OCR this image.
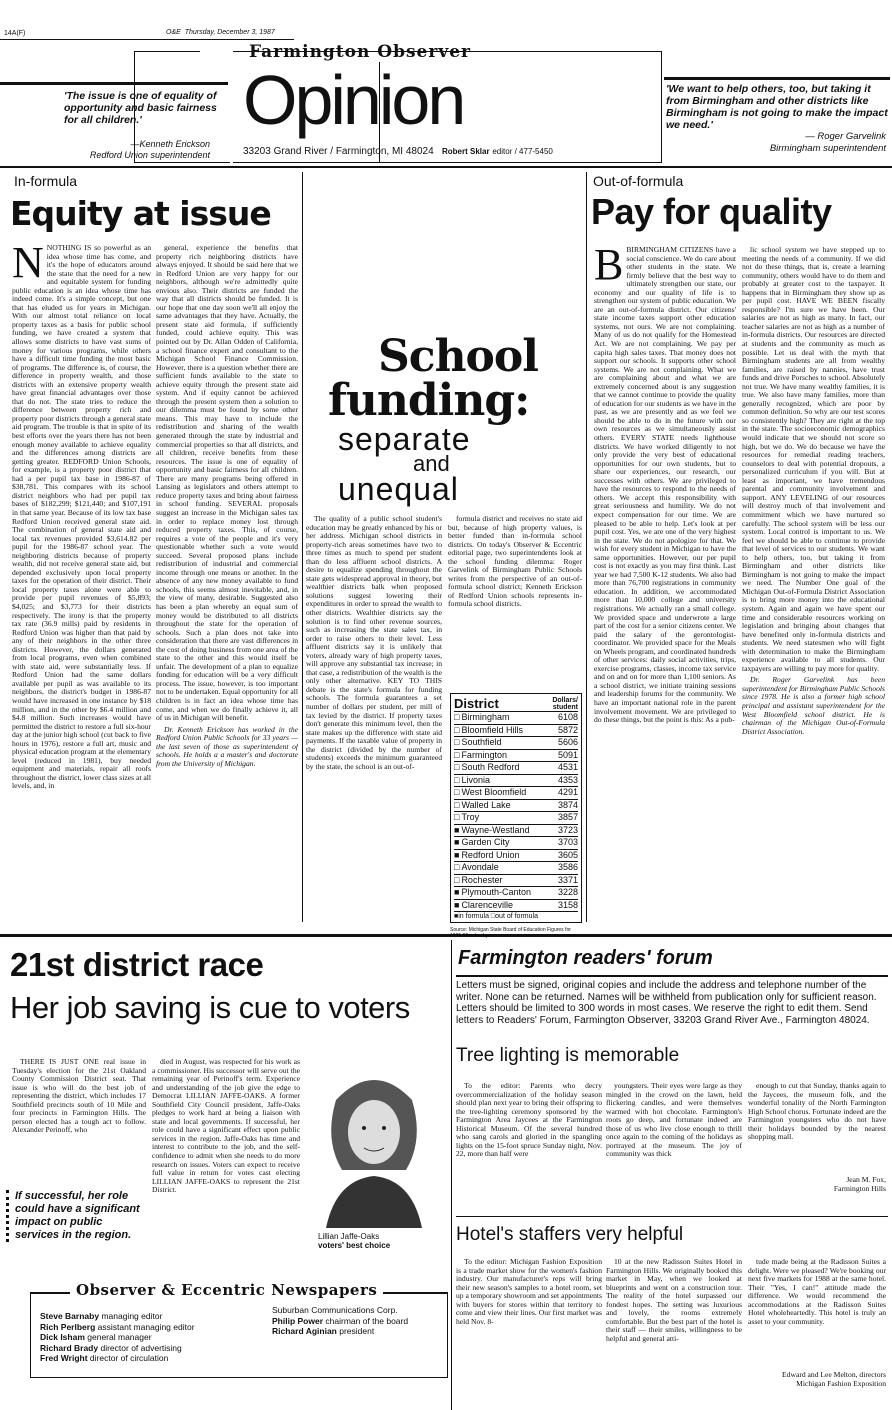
14A(F)	O&E Thursday, December 3, 1987
Farmington Observer
Opinion
33203 Grand River / Farmington, MI 48024 Robert Sklar editor / 477-5450
'The issue is one of equality of opportunity and basic fairness for all children.'
—Kenneth Erickson
Redford Union superintendent
'We want to help others, too, but taking it from Birmingham and other districts like Birmingham is not going to make the impact we need.'
— Roger Garvelink
Birmingham superintendent
In-formula
Equity at issue

NNOTHING IS so powerful as an idea whose time has come, and it's the hope of educators around the state that the need for a new and equitable system for funding public education is an idea whose time has indeed come. It's a simple concept, but one that has eluded us for years in Michigan. With our almost total reliance on local property taxes as a basis for public school funding, we have created a system that allows some districts to have vast sums of money for various programs, while others have a difficult time funding the most basic of programs. The difference is, of course, the difference in property wealth, and those districts with an extensive property wealth have great financial advantages over those that do not. The state tries to reduce the difference between property rich and property poor districts through a general state aid program. The trouble is that in spite of its best efforts over the years there has not been enough money available to achieve equality and the differences among districts are getting greater. REDFORD Union Schools, for example, is a property poor district that had a per pupil tax base in 1986-87 of $38,781. This compares with its school district neighbors who had per pupil tax bases of $182,299; $121,440; and $107,191 in that same year. Because of its low tax base Redford Union received general state aid. The combination of general state aid and local tax revenues provided $3,614.82 per pupil for the 1986-87 school year. The neighboring districts because of property wealth, did not receive general state aid, but depended exclusively upon local property taxes for the operation of their district. Their local property taxes alone were able to provide per pupil revenues of $5,893; $4,025; and $3,773 for their districts respectively. The irony is that the property tax rate (36.9 mills) paid by residents in Redford Union was higher than that paid by any of their neighbors in the other three districts. However, the dollars generated from local programs, even when combined with state aid, were substantially less. If Redford Union had the same dollars available per pupil as was available to its neighbors, the district's budget in 1986-87 would have increased in one instance by $18 million, and in the other by $6.4 million and $4.8 million. Such increases would have permitted the district to restore a full six-hour day at the junior high school (cut back to five hours in 1976), restore a full art, music and physical education program at the elementary level (reduced in 1981), buy needed equipment and materials, repair all roofs throughout the district, lower class sizes at all levels, and, in

general, experience the benefits that property rich neighboring districts have always enjoyed. It should be said here that we in Redford Union are very happy for our neighbors, although we're admittedly quite envious also. Their districts are funded the way that all districts should be funded. It is our hope that one day soon we'll all enjoy the same advantages that they have. Actually, the present state aid formula, if sufficiently funded, could achieve equity. This was pointed out by Dr. Allan Odden of California, a school finance expert and consultant to the Michigan School Finance Commission. However, there is a question whether there are sufficient funds available to the state to achieve equity through the present state aid system. And if equity cannot be achieved through the present system then a solution to our dilemma must be found by some other means. This may have to include the redistribution and sharing of the wealth generated through the state by industrial and commercial properties so that all districts, and all children, receive benefits from these resources. The issue is one of equality of opportunity and basic fairness for all children. There are many programs being offered in Lansing as legislators and others attempt to reduce property taxes and bring about fairness in school funding. SEVERAL proposals suggest an increase in the Michigan sales tax in order to replace money lost through reduced property taxes. This, of course, requires a vote of the people and it's very questionable whether such a vote would succeed. Several proposed plans include redistribution of industrial and commercial income through one means or another. In the absence of any new money available to fund schools, this seems almost inevitable, and, in the view of many, desirable. Suggested also has been a plan whereby an equal sum of money would be distributed to all districts throughout the state for the operation of schools. Such a plan does not take into consideration that there are vast differences in the cost of doing business from one area of the state to the other and this would itself be unfair. The development of a plan to equalize funding for education will be a very difficult process. The issue, however, is too important not to be undertaken. Equal opportunity for all children is in fact an idea whose time has come, and when we do finally achieve it, all of us in Michigan will benefit.

Dr. Kenneth Erickson has worked in the Redford Union Public Schools for 33 years — the last seven of those as superintendent of schools. He holds a a master's and doctorate from the University of Michigan.

School
funding:
separate
and
unequal

The quality of a public school student's education may be greatly enhanced by his or her address. Michigan school districts in property-rich areas sometimes have two to three times as much to spend per student than do less affluent school districts. A desire to equalize spending throughout the state gets widespread approval in theory, but wealthier districts balk when proposed solutions suggest lowering their expenditures in order to spread the wealth to other districts. Wealthier districts say the solution is to find other revenue sources, such as increasing the state sales tax, in order to raise others to their level. Less affluent districts say it is unlikely that voters, already wary of high property taxes, will approve any substantial tax increase; in that case, a redistribution of the wealth is the only other alternative. KEY TO THIS debate is the state's formula for funding schools. The formula guarantees a set number of dollars per student, per mill of tax levied by the district. If property taxes don't generate this minimum level, then the state makes up the difference with state aid payments. If the taxable value of property in the district (divided by the number of students) exceeds the minimum guaranteed by the state, the school is an out-of-

formula district and receives no state aid but, because of high property values, is better funded than in-formula school districts. On today's Observer & Eccentric editorial page, two superintendents look at the school funding dilemma: Roger Garvelink of Birmingham Public Schools writes from the perspective of an out-of-formula school district; Kenneth Erickson of Redford Union schools represents in-formula school districts.

District	Dollars/ student
□ Birmingham	6108
□ Bloomfield Hills	5872
□ Southfield	5606
□ Farmington	5091
□ South Redford	4531
□ Livonia	4353
□ West Bloomfield	4291
□ Walled Lake	3874
□ Troy	3857
■ Wayne-Westland	3723
■ Garden City	3703
■ Redford Union	3605
□ Avondale	3586
□ Rochester	3371
■ Plymouth-Canton	3228
■ Clarenceville	3158
■in formula □out of formula
Source: Michigan State Board of Education Figures for
Out-of-formula
Pay for quality

BBIRMINGHAM CITIZENS have a social conscience. We do care about other students in the state. We firmly believe that the best way to ultimately strengthen our state, our economy and our quality of life is to strengthen our system of public education. We are an out-of-formula district. Our citizens' state income taxes support other education systems, not ours. We are not complaining. Many of us do not qualify for the Homestead Act. We are not complaining. We pay per capita high sales taxes. That money does not support our schools. It supports other school systems. We are not complaining. What we are complaining about and what we are extremely concerned about is any suggestion that we cannot continue to provide the quality of education for our students as we have in the past, as we are presently and as we feel we should be able to do in the future with our own resources as we simultaneously assist others. EVERY STATE needs lighthouse districts. We have worked diligently to not only provide the very best of educational opportunities for our own students, but to share our experiences, our research, our successes with others. We are privileged to have the resources to respond to the needs of others. We accept this responsibility with great seriousness and humility. We do not expect compensation for our time. We are pleased to be able to help. Let's look at per pupil cost. Yes, we are one of the very highest in the state. We do not apologize for that. We wish for every student in Michigan to have the same opportunities. However, our per pupil cost is not exactly as you may first think. Last year we had 7,500 K-12 students. We also had more than 76,700 registrations in community education. In addition, we accommodated more than 10,000 college and university registrations. We actually ran a small college. We provided space and underwrote a large part of the cost for a senior citizens center. We paid the salary of the gerontologist-coordinator. We provided space for the Meals on Wheels program, and coordinated hundreds of other services: daily social activities, trips, exercise programs, classes, income tax service and on and on for more than 1,100 seniors. As a school district, we initiate training sessions and leadership forums for the community. We have an important national role in the parent involvement movement. We are privileged to do these things, but the point is this: As a pub-

lic school system we have stepped up to meeting the needs of a community. If we did not do these things, that is, create a learning community, others would have to do them and probably at greater cost to the taxpayer. It happens that in Birmingham they show up as per pupil cost. HAVE WE BEEN fiscally responsible? I'm sure we have been. Our salaries are not as high as many. In fact, our teacher salaries are not as high as a number of in-formula districts. Our resources are directed at students and the community as much as possible. Let us deal with the myth that Birmingham students are all from wealthy families, are raised by nannies, have trust funds and drive Porsches to school. Absolutely not true. We have many wealthy families, it is true. We also have many families, more than generally recognized, which are poor by common definition. So why are our test scores so consistently high? They are right at the top in the state. The socioeconomic demographics would indicate that we should not score so high, but we do. We do because we have the resources for remedial reading teachers, counselors to deal with potential dropouts, a personalized curriculum if you will. But at least as important, we have tremendous parental and community involvement and support. ANY LEVELING of our resources will destroy much of that involvement and commitment which we have nurtured so carefully. The school system will be less our system. Local control is important to us. We feel we should be able to continue to provide that level of services to our students. We want to help others, too, but taking it from Birmingham and other districts like Birmingham is not going to make the impact we need. The Number One goal of the Michigan Out-of-Formula District Association is to bring more money into the educational system. Again and again we have spent our time and considerable resources working on legislation and bringing about changes that have benefited only in-formula districts and students. We need statesmen who will fight with determination to make the Birmingham experience available to all students. Our taxpayers are willing to pay more for quality.

Dr. Roger Garvelink has been superintendent for Birmingham Public Schools since 1978. He is also a former high school principal and assistant superintendent for the West Bloomfield school district. He is chairman of the Michigan Out-of-Formula District Association.

21st district race
Her job saving is cue to voters

THERE IS JUST ONE real issue in Tuesday's election for the 21st Oakland County Commission District seat. That issue is who will do the best job of representing the district, which includes 17 Southfield precincts south of 10 Mile and four precincts in Farmington Hills. The person elected has a tough act to follow. Alexander Perinoff, who

If successful, her role could have a significant impact on public services in the region.

died in August, was respected for his work as a commissioner. His successor will serve out the remaining year of Perinoff's term. Experience and understanding of the job give the edge to Democrat LILLIAN JAFFE-OAKS. A former Southfield City Council president, Jaffe-Oaks pledges to work hard at being a liaison with state and local governments. If successful, her role could have a significant effect upon public services in the region. Jaffe-Oaks has time and interest to contribute to the job, and the self-confidence to admit when she needs to do more research on issues. Voters can expect to receive full value in return for votes cast electing LILLIAN JAFFE-OAKS to represent the 21st District.

Lillian Jaffe-Oaks
voters' best choice
Observer & Eccentric Newspapers
Steve Barnaby managing editor
Rich Perlberg assistant managing editor
Dick Isham general manager
Richard Brady director of advertising
Fred Wright director of circulation
Suburban Communications Corp.
Philip Power chairman of the board
Richard Aginian president
Farmington readers' forum
Letters must be signed, original copies and include the address and telephone number of the writer. None can be returned. Names will be withheld from publication only for sufficient reason. Letters should be limited to 300 words in most cases. We reserve the right to edit them. Send letters to Readers' Forum, Farmington Observer, 33203 Grand River Ave., Farmington 48024.
Tree lighting is memorable

To the editor: Parents who decry overcommercialization of the holiday season should plan next year to bring their offspring to the tree-lighting ceremony sponsored by the Farmington Area Jaycees at the Farmington Historical Museum. Of the several hundred who sang carols and gloried in the spangling lights on the 15-foot spruce Sunday night, Nov. 22, more than half were

youngsters. Their eyes were large as they mingled in the crowd on the lawn, held flickering candles, and were themselves warmed with hot chocolate. Farmington's roots go deep, and fortunate indeed are those of us who live close enough to thrill once again to the coming of the holidays as portrayed at the museum. The joy of community was thick

enough to cut that Sunday, thanks again to the Jaycees, the museum folk, and the wonderful tonality of the North Farmington High School chorus. Fortunate indeed are the Farmington youngsters who do not have their holidays bounded by the nearest shopping mall.

Jean M. Fox,
Farmington Hills
Hotel's staffers very helpful

To the editor: Michigan Fashion Exposition is a trade market show for the women's fashion industry. Our manufacturer's reps will bring their new season's samples to a hotel room, set up a temporary showroom and set appointments with buyers for stores within that territory to come and view their lines. Our first market was held Nov. 8-

10 at the new Radisson Suites Hotel in Farmington Hills. We originally booked this market in May, when we looked at blueprints and went on a construction tour. The reality of the hotel surpassed our fondest hopes. The setting was luxurious and lovely, the rooms extremely comfortable. But the best part of the hotel is their staff — their smiles, willingness to be helpful and general atti-

tude made being at the Radisson Suites a delight. Were we pleased? We're booking our next five markets for 1988 at the same hotel. Their "Yes, I can!" attitude made the difference. We would recommend the accommodations at the Radisson Suites Hotel wholeheartedly. This hotel is truly an asset to your community.

Edward and Lee Melton, directors
Michigan Fashion Exposition
